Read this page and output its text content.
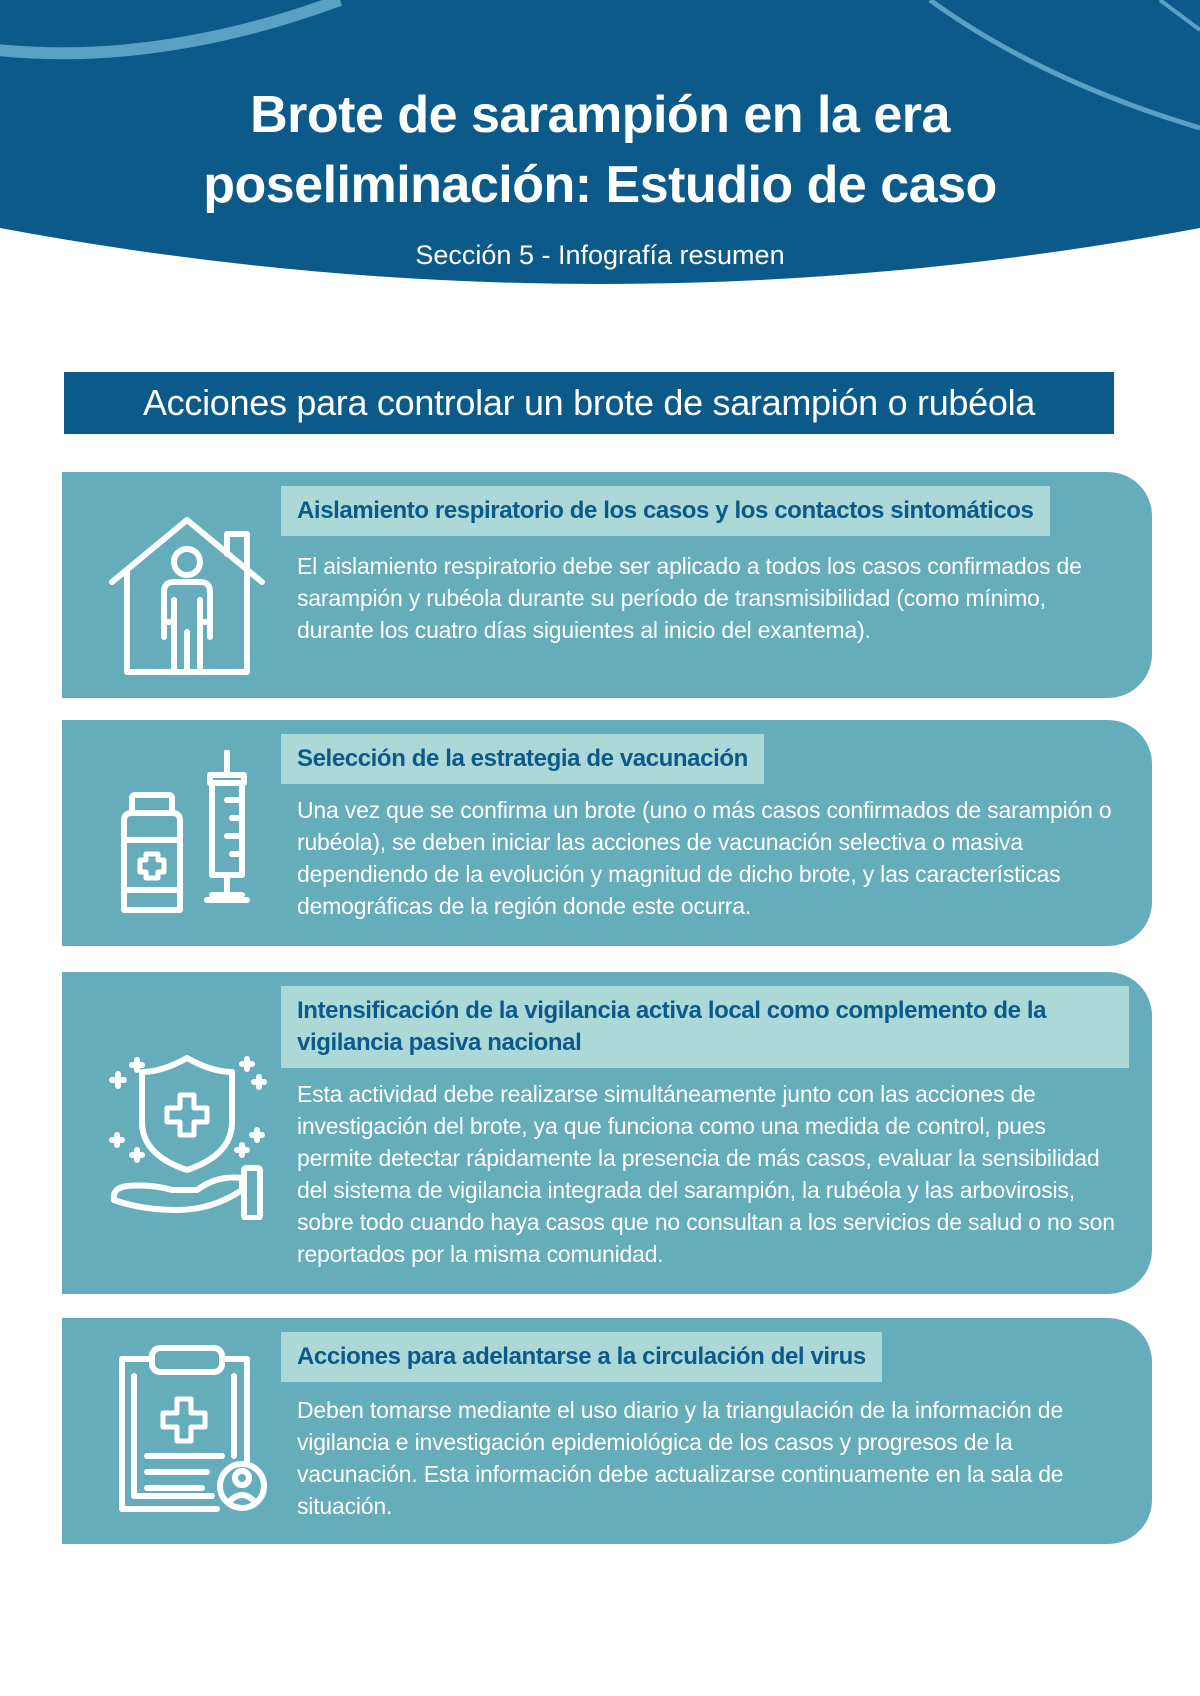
Brote de sarampión en la era
poseliminación: Estudio de caso
Sección 5 - Infografía resumen
Acciones para controlar un brote de sarampión o rubéola
Aislamiento respiratorio de los casos y los contactos sintomáticos
El aislamiento respiratorio debe ser aplicado a todos los casos confirmados de sarampión y rubéola durante su período de transmisibilidad (como mínimo, durante los cuatro días siguientes al inicio del exantema).
Selección de la estrategia de vacunación
Una vez que se confirma un brote (uno o más casos confirmados de sarampión o rubéola), se deben iniciar las acciones de vacunación selectiva o masiva dependiendo de la evolución y magnitud de dicho brote, y las características demográficas de la región donde este ocurra.
Intensificación de la vigilancia activa local como complemento de la vigilancia pasiva nacional
Esta actividad debe realizarse simultáneamente junto con las acciones de investigación del brote, ya que funciona como una medida de control, pues permite detectar rápidamente la presencia de más casos, evaluar la sensibilidad del sistema de vigilancia integrada del sarampión, la rubéola y las arbovirosis, sobre todo cuando haya casos que no consultan a los servicios de salud o no son reportados por la misma comunidad.
Acciones para adelantarse a la circulación del virus
Deben tomarse mediante el uso diario y la triangulación de la información de vigilancia e investigación epidemiológica de los casos y progresos de la vacunación. Esta información debe actualizarse continuamente en la sala de situación.
